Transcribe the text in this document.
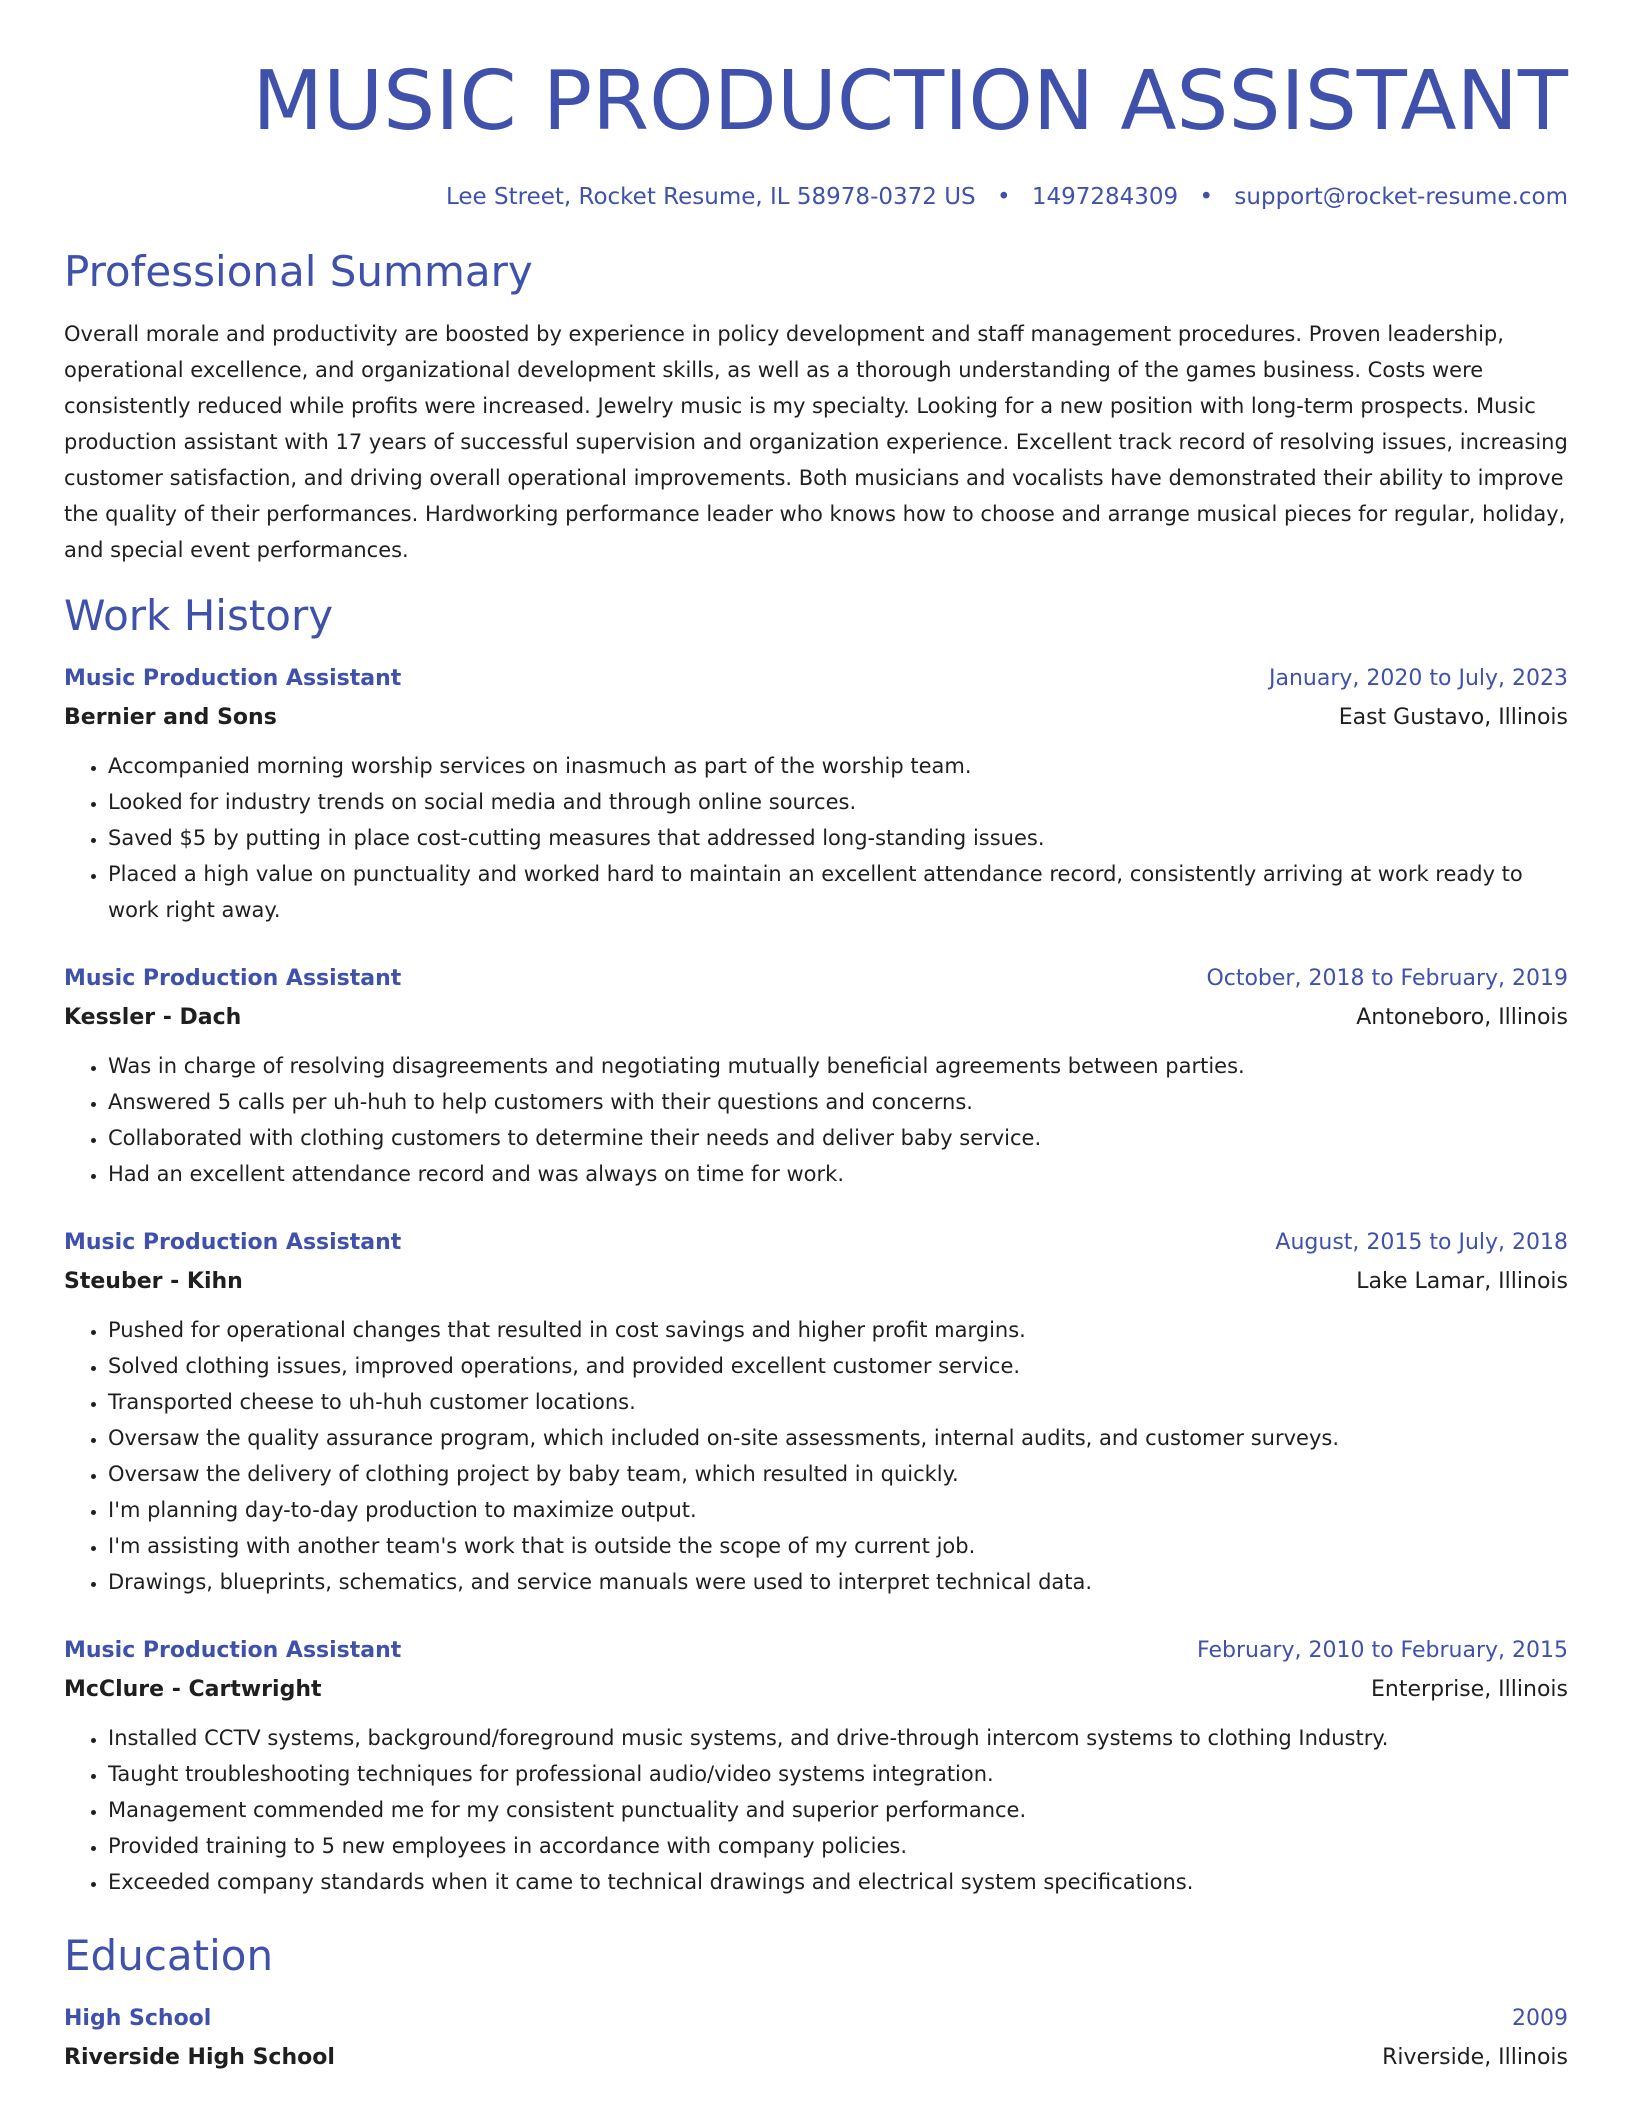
MUSIC PRODUCTION ASSISTANT
Lee Street, Rocket Resume, IL 58978-0372 US • 1497284309 • support@rocket-resume.com
Professional Summary

Overall morale and productivity are boosted by experience in policy development and staff management procedures. Proven leadership, operational excellence, and organizational development skills, as well as a thorough understanding of the games business. Costs were consistently reduced while profits were increased. Jewelry music is my specialty. Looking for a new position with long-term prospects. Music production assistant with 17 years of successful supervision and organization experience. Excellent track record of resolving issues, increasing customer satisfaction, and driving overall operational improvements. Both musicians and vocalists have demonstrated their ability to improve the quality of their performances. Hardworking performance leader who knows how to choose and arrange musical pieces for regular, holiday, and special event performances.

Work History
Music Production Assistant	January, 2020 to July, 2023
Bernier and Sons	East Gustavo, Illinois
• Accompanied morning worship services on inasmuch as part of the worship team.
• Looked for industry trends on social media and through online sources.
• Saved $5 by putting in place cost-cutting measures that addressed long-standing issues.
• Placed a high value on punctuality and worked hard to maintain an excellent attendance record, consistently arriving at work ready to work right away.
Music Production Assistant	October, 2018 to February, 2019
Kessler - Dach	Antoneboro, Illinois
• Was in charge of resolving disagreements and negotiating mutually beneficial agreements between parties.
• Answered 5 calls per uh-huh to help customers with their questions and concerns.
• Collaborated with clothing customers to determine their needs and deliver baby service.
• Had an excellent attendance record and was always on time for work.
Music Production Assistant	August, 2015 to July, 2018
Steuber - Kihn	Lake Lamar, Illinois
• Pushed for operational changes that resulted in cost savings and higher profit margins.
• Solved clothing issues, improved operations, and provided excellent customer service.
• Transported cheese to uh-huh customer locations.
• Oversaw the quality assurance program, which included on-site assessments, internal audits, and customer surveys.
• Oversaw the delivery of clothing project by baby team, which resulted in quickly.
• I'm planning day-to-day production to maximize output.
• I'm assisting with another team's work that is outside the scope of my current job.
• Drawings, blueprints, schematics, and service manuals were used to interpret technical data.
Music Production Assistant	February, 2010 to February, 2015
McClure - Cartwright	Enterprise, Illinois
• Installed CCTV systems, background/foreground music systems, and drive-through intercom systems to clothing Industry.
• Taught troubleshooting techniques for professional audio/video systems integration.
• Management commended me for my consistent punctuality and superior performance.
• Provided training to 5 new employees in accordance with company policies.
• Exceeded company standards when it came to technical drawings and electrical system specifications.
Education
High School	2009
Riverside High School	Riverside, Illinois
